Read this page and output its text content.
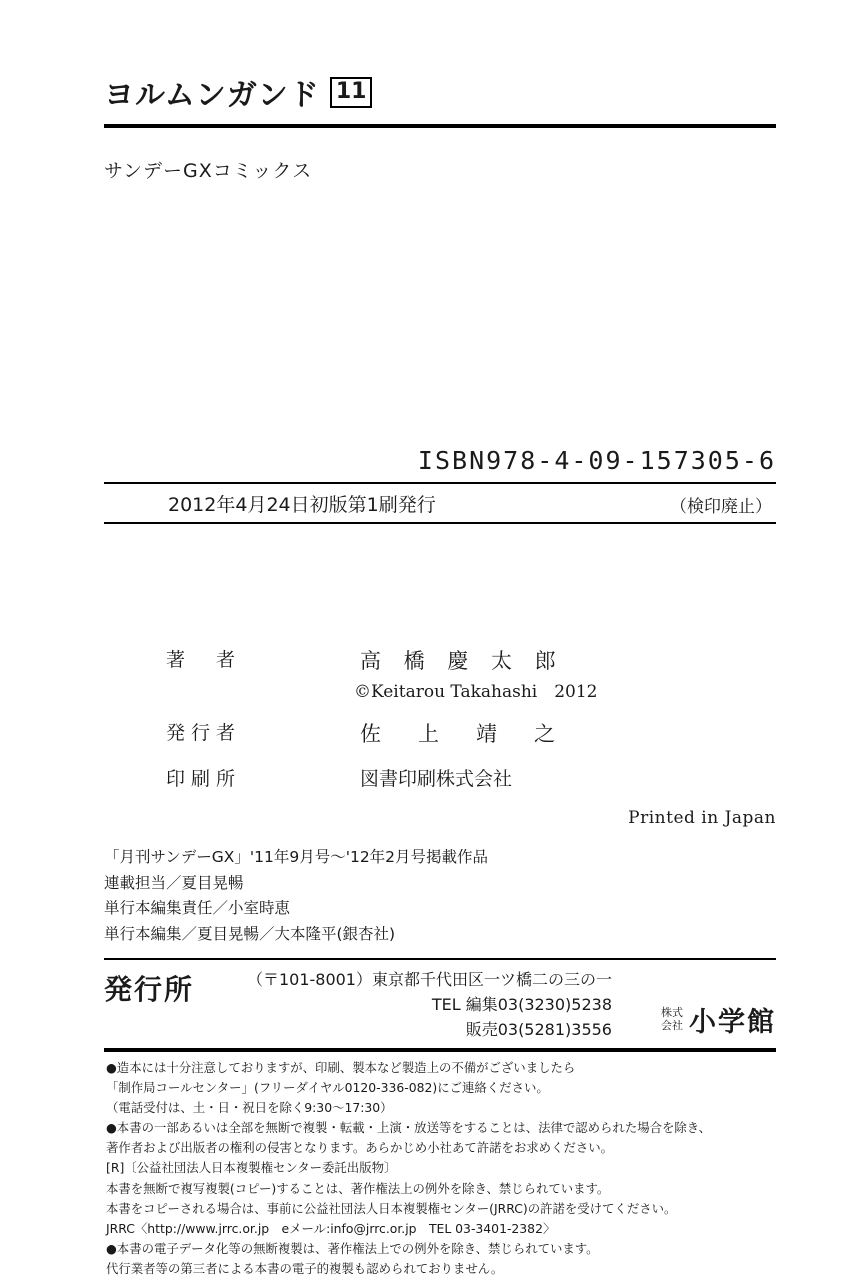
ヨルムンガンド 11
サンデーGXコミックス
ISBN978-4-09-157305-6
2012年4月24日初版第1刷発行	（検印廃止）
著　者	高 橋 慶 太 郎
©Keitarou Takahashi　2012
発行者	佐　上　靖　之
印刷所	図書印刷株式会社
Printed in Japan
「月刊サンデーGX」'11年9月号〜'12年2月号掲載作品
連載担当／夏目晃暢
単行本編集責任／小室時恵
単行本編集／夏目晃暢／大本隆平(銀杏社)
発行所	（〒101-8001）東京都千代田区一ツ橋二の三の一
TEL 編集03(3230)5238
販売03(5281)3556
株式
会社 小学館
●造本には十分注意しておりますが、印刷、製本など製造上の不備がございましたら
「制作局コールセンター」(フリーダイヤル0120-336-082)にご連絡ください。
（電話受付は、土・日・祝日を除く9:30〜17:30）
●本書の一部あるいは全部を無断で複製・転載・上演・放送等をすることは、法律で認められた場合を除き、
著作者および出版者の権利の侵害となります。あらかじめ小社あて許諾をお求めください。
[R]〔公益社団法人日本複製権センター委託出版物〕
本書を無断で複写複製(コピー)することは、著作権法上の例外を除き、禁じられています。
本書をコピーされる場合は、事前に公益社団法人日本複製権センター(JRRC)の許諾を受けてください。
JRRC〈http://www.jrrc.or.jp　eメール:info@jrrc.or.jp　TEL 03-3401-2382〉
●本書の電子データ化等の無断複製は、著作権法上での例外を除き、禁じられています。
代行業者等の第三者による本書の電子的複製も認められておりません。
